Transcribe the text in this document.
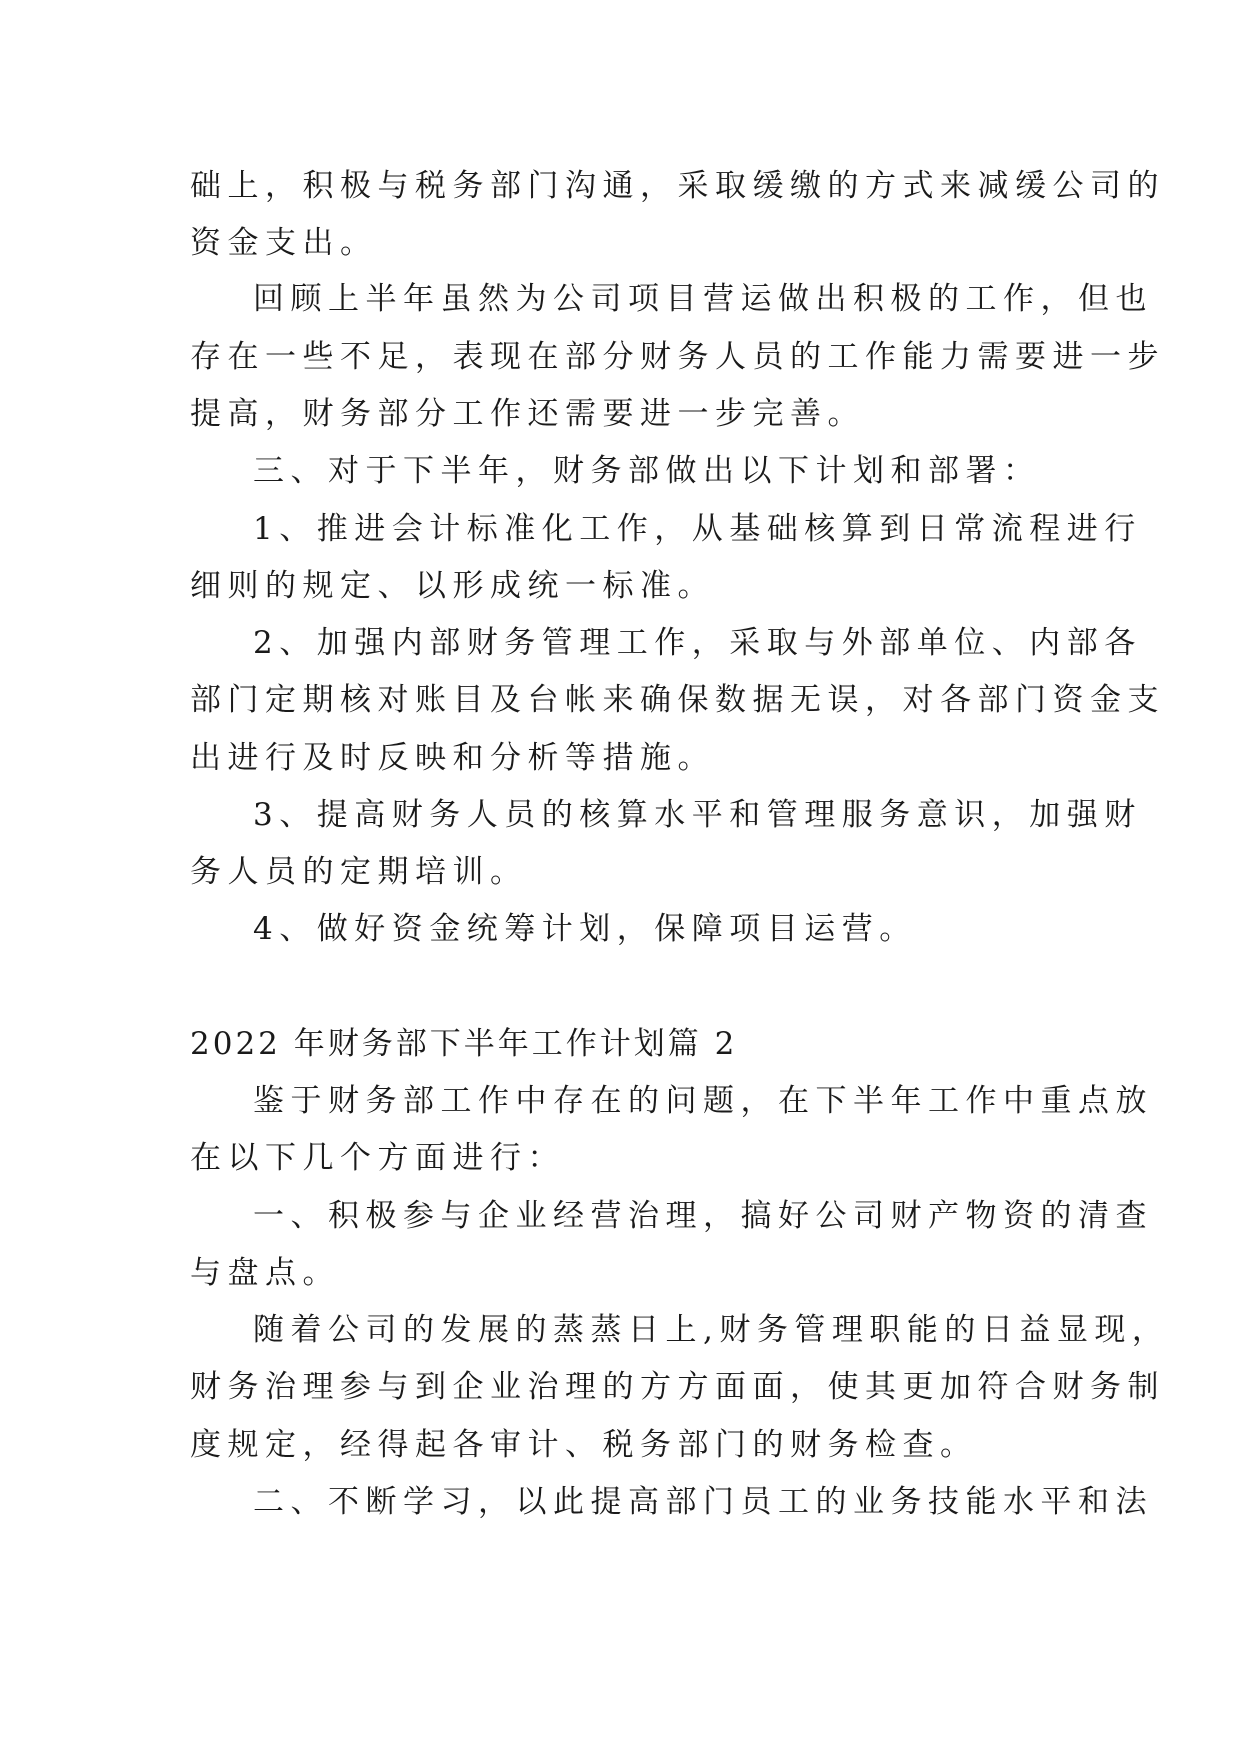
础上，积极与税务部门沟通，采取缓缴的方式来减缓公司的
资金支出。
回顾上半年虽然为公司项目营运做出积极的工作，但也
存在一些不足，表现在部分财务人员的工作能力需要进一步
提高，财务部分工作还需要进一步完善。
三、对于下半年，财务部做出以下计划和部署：
1、推进会计标准化工作，从基础核算到日常流程进行
细则的规定、以形成统一标准。
2、加强内部财务管理工作，采取与外部单位、内部各
部门定期核对账目及台帐来确保数据无误，对各部门资金支
出进行及时反映和分析等措施。
3、提高财务人员的核算水平和管理服务意识，加强财
务人员的定期培训。
4、做好资金统筹计划，保障项目运营。
2022 年财务部下半年工作计划篇 2
鉴于财务部工作中存在的问题，在下半年工作中重点放
在以下几个方面进行：
一、积极参与企业经营治理，搞好公司财产物资的清查
与盘点。
随着公司的发展的蒸蒸日上,财务管理职能的日益显现，
财务治理参与到企业治理的方方面面，使其更加符合财务制
度规定，经得起各审计、税务部门的财务检查。
二、不断学习，以此提高部门员工的业务技能水平和法
